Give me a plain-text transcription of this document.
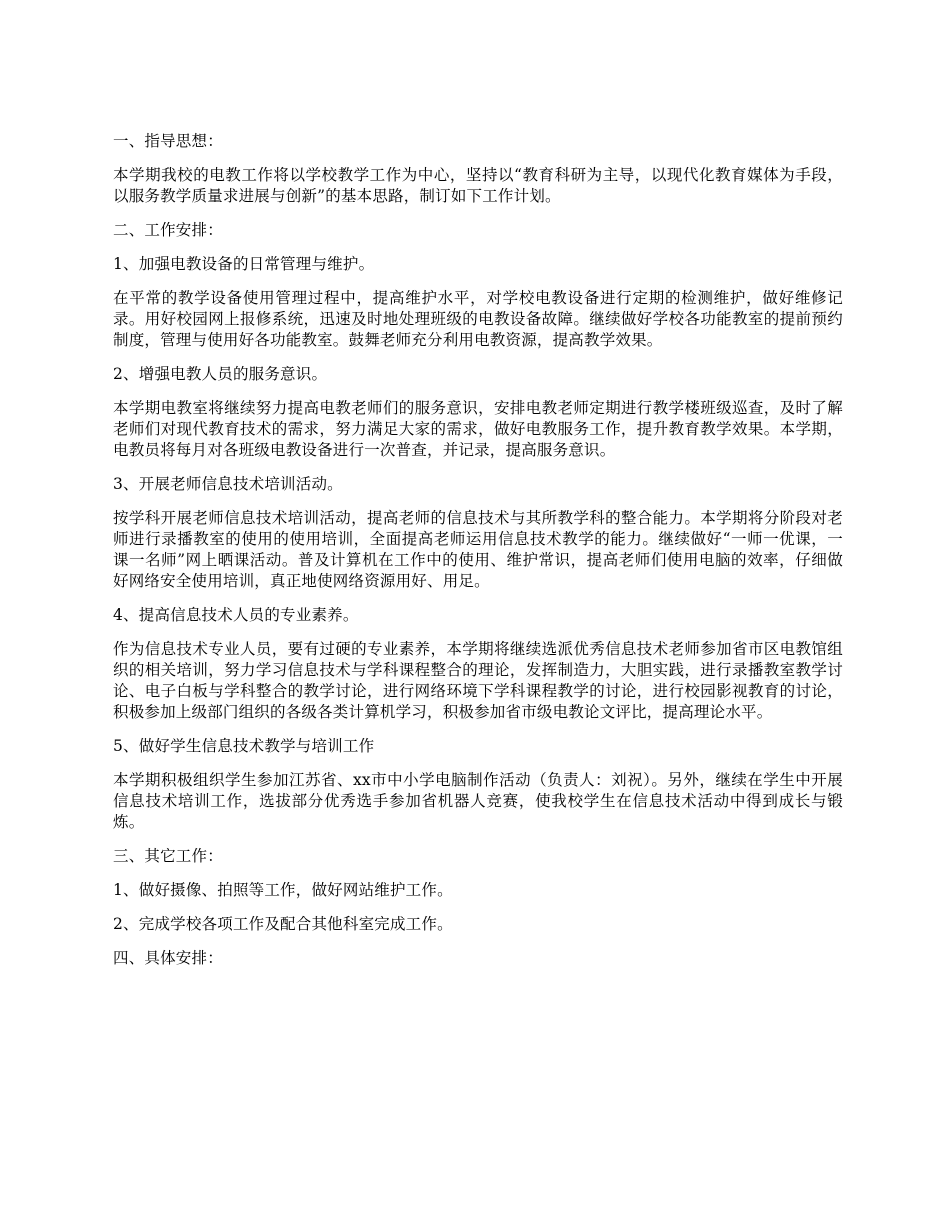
一、指导思想：

本学期我校的电教工作将以学校教学工作为中心，坚持以“教育科研为主导，以现代化教育媒体为手段，以服务教学质量求进展与创新”的基本思路，制订如下工作计划。

二、工作安排：

1、加强电教设备的日常管理与维护。

在平常的教学设备使用管理过程中，提高维护水平，对学校电教设备进行定期的检测维护，做好维修记录。用好校园网上报修系统，迅速及时地处理班级的电教设备故障。继续做好学校各功能教室的提前预约制度，管理与使用好各功能教室。鼓舞老师充分利用电教资源，提高教学效果。

2、增强电教人员的服务意识。

本学期电教室将继续努力提高电教老师们的服务意识，安排电教老师定期进行教学楼班级巡查，及时了解老师们对现代教育技术的需求，努力满足大家的需求，做好电教服务工作，提升教育教学效果。本学期，电教员将每月对各班级电教设备进行一次普查，并记录，提高服务意识。

3、开展老师信息技术培训活动。

按学科开展老师信息技术培训活动，提高老师的信息技术与其所教学科的整合能力。本学期将分阶段对老师进行录播教室的使用的使用培训，全面提高老师运用信息技术教学的能力。继续做好“一师一优课，一课一名师”网上晒课活动。普及计算机在工作中的使用、维护常识，提高老师们使用电脑的效率，仔细做好网络安全使用培训，真正地使网络资源用好、用足。

4、提高信息技术人员的专业素养。

作为信息技术专业人员，要有过硬的专业素养，本学期将继续选派优秀信息技术老师参加省市区电教馆组织的相关培训，努力学习信息技术与学科课程整合的理论，发挥制造力，大胆实践，进行录播教室教学讨论、电子白板与学科整合的教学讨论，进行网络环境下学科课程教学的讨论，进行校园影视教育的讨论，积极参加上级部门组织的各级各类计算机学习，积极参加省市级电教论文评比，提高理论水平。

5、做好学生信息技术教学与培训工作

本学期积极组织学生参加江苏省、xx市中小学电脑制作活动（负责人：刘祝）。另外，继续在学生中开展信息技术培训工作，选拔部分优秀选手参加省机器人竞赛，使我校学生在信息技术活动中得到成长与锻炼。

三、其它工作：

1、做好摄像、拍照等工作，做好网站维护工作。

2、完成学校各项工作及配合其他科室完成工作。

四、具体安排：
